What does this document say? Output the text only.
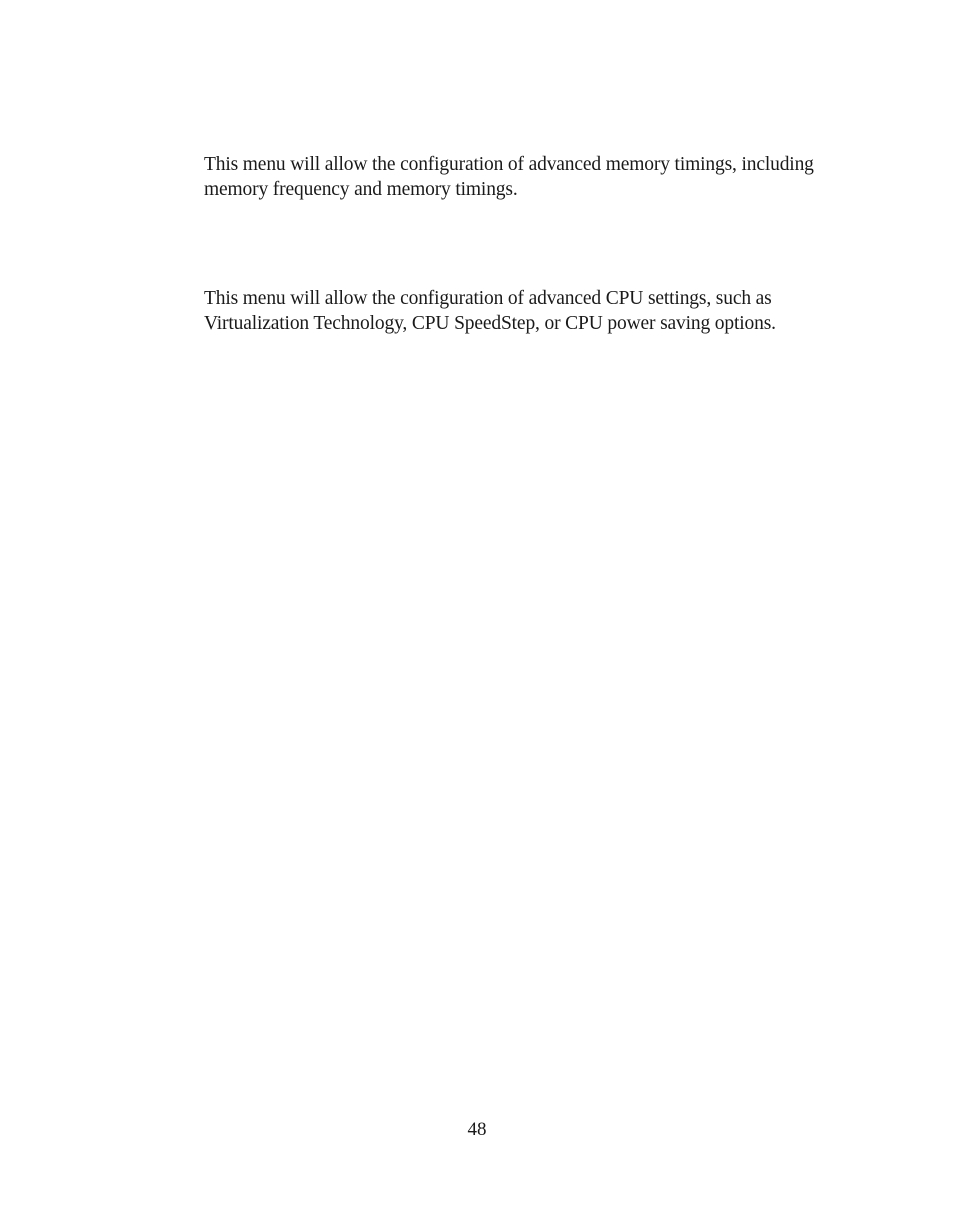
This menu will allow the configuration of advanced memory timings, including memory frequency and memory timings.

This menu will allow the configuration of advanced CPU settings, such as Virtualization Technology, CPU SpeedStep, or CPU power saving options.

48
